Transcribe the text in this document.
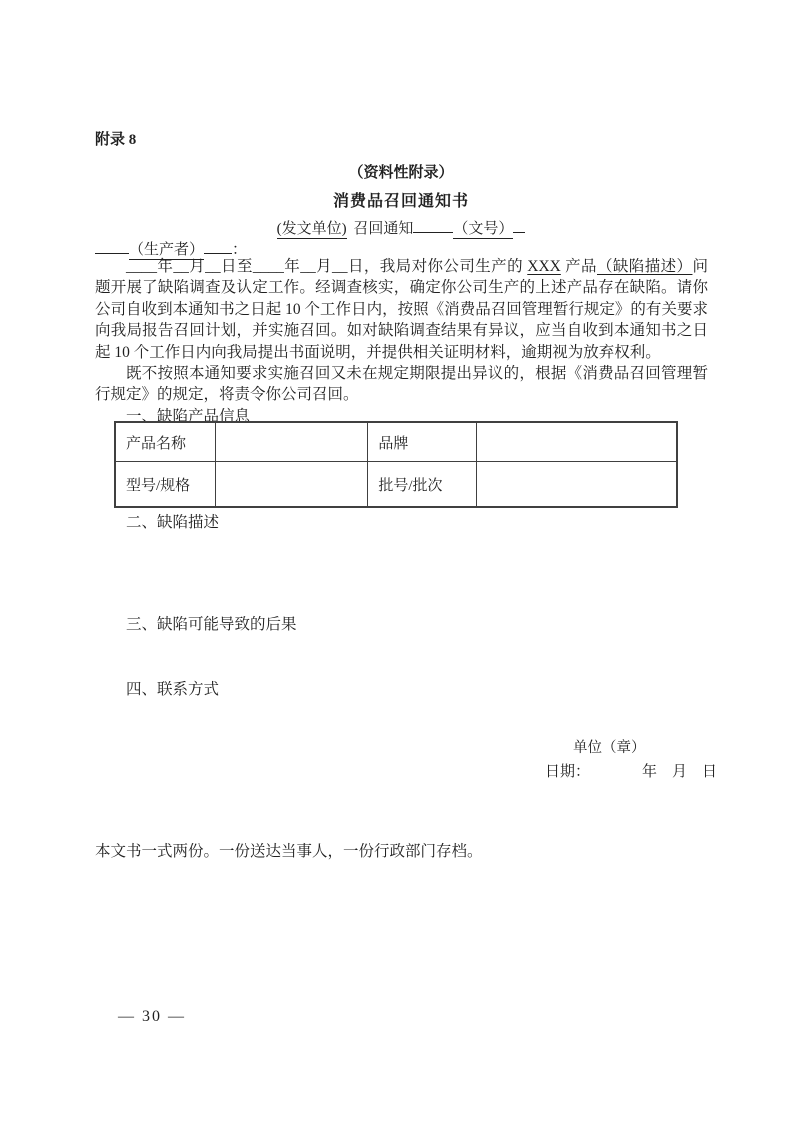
附录 8
（资料性附录）
消费品召回通知书
(发文单位)  召回通知	（文号）
（生产者） ：

____年__月__日至____年__月__日，我局对你公司生产的 XXX 产品（缺陷描述）问题开展了缺陷调查及认定工作。经调查核实，确定你公司生产的上述产品存在缺陷。请你公司自收到本通知书之日起 10 个工作日内，按照《消费品召回管理暂行规定》的有关要求向我局报告召回计划，并实施召回。如对缺陷调查结果有异议，应当自收到本通知书之日起 10 个工作日内向我局提出书面说明，并提供相关证明材料，逾期视为放弃权利。

既不按照本通知要求实施召回又未在规定期限提出异议的，根据《消费品召回管理暂行规定》的规定，将责令你公司召回。

一、缺陷产品信息
产品名称		品牌	
型号/规格		批号/批次	
二、缺陷描述
三、缺陷可能导致的后果
四、联系方式
单位（章）
日期：	年 月 日
本文书一式两份。一份送达当事人，一份行政部门存档。
— 30 —
